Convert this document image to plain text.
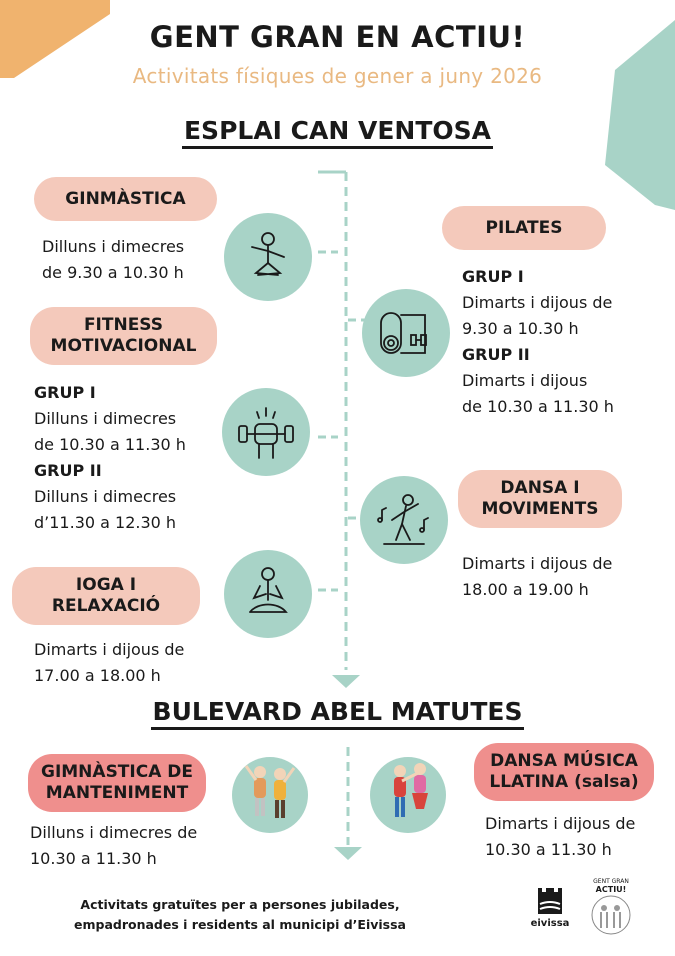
GENT GRAN EN ACTIU!
Activitats físiques de gener a juny 2026
ESPLAI CAN VENTOSA
GINMÀSTICA
Dilluns i dimecres
de 9.30 a 10.30 h
PILATES
GRUP I
Dimarts i dijous de
9.30 a 10.30 h
GRUP II
Dimarts i dijous
de 10.30 a 11.30 h
FITNESS
MOTIVACIONAL
GRUP I
Dilluns i dimecres
de 10.30 a 11.30 h
GRUP II
Dilluns i dimecres
d’11.30 a 12.30 h
DANSA I
MOVIMENTS
Dimarts i dijous de
18.00 a 19.00 h
IOGA I
RELAXACIÓ
Dimarts i dijous de
17.00 a 18.00 h
BULEVARD ABEL MATUTES
GIMNÀSTICA DE
MANTENIMENT
DANSA MÚSICA
LLATINA (salsa)
Dilluns i dimecres de
10.30 a 11.30 h
Dimarts i dijous de
10.30 a 11.30 h
Activitats gratuïtes per a persones jubilades,
empadronades i residents al municipi d’Eivissa	eivissa
GENT GRAN
ACTIU!
